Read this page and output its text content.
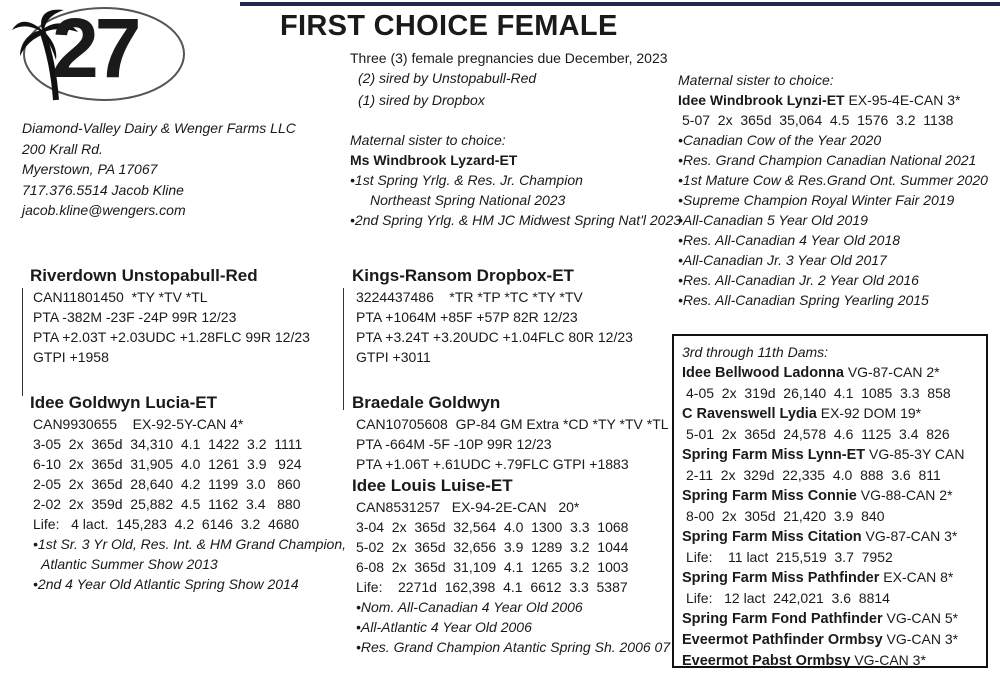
27	FIRST CHOICE FEMALE
Three (3) female pregnancies due December, 2023
(2) sired by Unstopabull-Red
(1) sired by Dropbox
Diamond-Valley Dairy & Wenger Farms LLC
200 Krall Rd.
Myerstown, PA 17067
717.376.5514 Jacob Kline
jacob.kline@wengers.com
Maternal sister to choice:
Ms Windbrook Lyzard-ET
•1st Spring Yrlg. & Res. Jr. Champion
Northeast Spring National 2023
•2nd Spring Yrlg. & HM JC Midwest Spring Nat'l 2023
Maternal sister to choice:
Idee Windbrook Lynzi-ET EX-95-4E-CAN 3*
5-07  2x  365d  35,064  4.5  1576  3.2  1138
•Canadian Cow of the Year 2020
•Res. Grand Champion Canadian National 2021
•1st Mature Cow & Res.Grand Ont. Summer 2020
•Supreme Champion Royal Winter Fair 2019
•All-Canadian 5 Year Old 2019
•Res. All-Canadian 4 Year Old 2018
•All-Canadian Jr. 3 Year Old 2017
•Res. All-Canadian Jr. 2 Year Old 2016
•Res. All-Canadian Spring Yearling 2015
Riverdown Unstopabull-Red
CAN11801450  *TY *TV *TL
PTA -382M -23F -24P 99R 12/23
PTA +2.03T +2.03UDC +1.28FLC 99R 12/23
GTPI +1958
Idee Goldwyn Lucia-ET
CAN9930655    EX-92-5Y-CAN 4*
3-05  2x  365d  34,310  4.1  1422  3.2  1111
6-10  2x  365d  31,905  4.0  1261  3.9   924
2-05  2x  365d  28,640  4.2  1199  3.0   860
2-02  2x  359d  25,882  4.5  1162  3.4   880
Life:   4 lact.  145,283  4.2  6146  3.2  4680
•1st Sr. 3 Yr Old, Res. Int. & HM Grand Champion,
Atlantic Summer Show 2013
•2nd 4 Year Old Atlantic Spring Show 2014
Kings-Ransom Dropbox-ET
3224437486    *TR *TP *TC *TY *TV
PTA +1064M +85F +57P 82R 12/23
PTA +3.24T +3.20UDC +1.04FLC 80R 12/23
GTPI +3011
Braedale Goldwyn
CAN10705608  GP-84 GM Extra *CD *TY *TV *TL
PTA -664M -5F -10P 99R 12/23
PTA +1.06T +.61UDC +.79FLC GTPI +1883
Idee Louis Luise-ET
CAN8531257   EX-94-2E-CAN   20*
3-04  2x  365d  32,564  4.0  1300  3.3  1068
5-02  2x  365d  32,656  3.9  1289  3.2  1044
6-08  2x  365d  31,109  4.1  1265  3.2  1003
Life:    2271d  162,398  4.1  6612  3.3  5387
•Nom. All-Canadian 4 Year Old 2006
•All-Atlantic 4 Year Old 2006
•Res. Grand Champion Atantic Spring Sh. 2006 07
3rd through 11th Dams:
Idee Bellwood Ladonna VG-87-CAN 2*
4-05  2x  319d  26,140  4.1  1085  3.3  858
C Ravenswell Lydia EX-92 DOM 19*
5-01  2x  365d  24,578  4.6  1125  3.4  826
Spring Farm Miss Lynn-ET VG-85-3Y CAN
2-11  2x  329d  22,335  4.0  888  3.6  811
Spring Farm Miss Connie VG-88-CAN 2*
8-00  2x  305d  21,420  3.9  840
Spring Farm Miss Citation VG-87-CAN 3*
Life:    11 lact  215,519  3.7  7952
Spring Farm Miss Pathfinder EX-CAN 8*
Life:   12 lact  242,021  3.6  8814
Spring Farm Fond Pathfinder VG-CAN 5*
Eveermot Pathfinder Ormbsy VG-CAN 3*
Eveermot Pabst Ormbsy VG-CAN 3*
